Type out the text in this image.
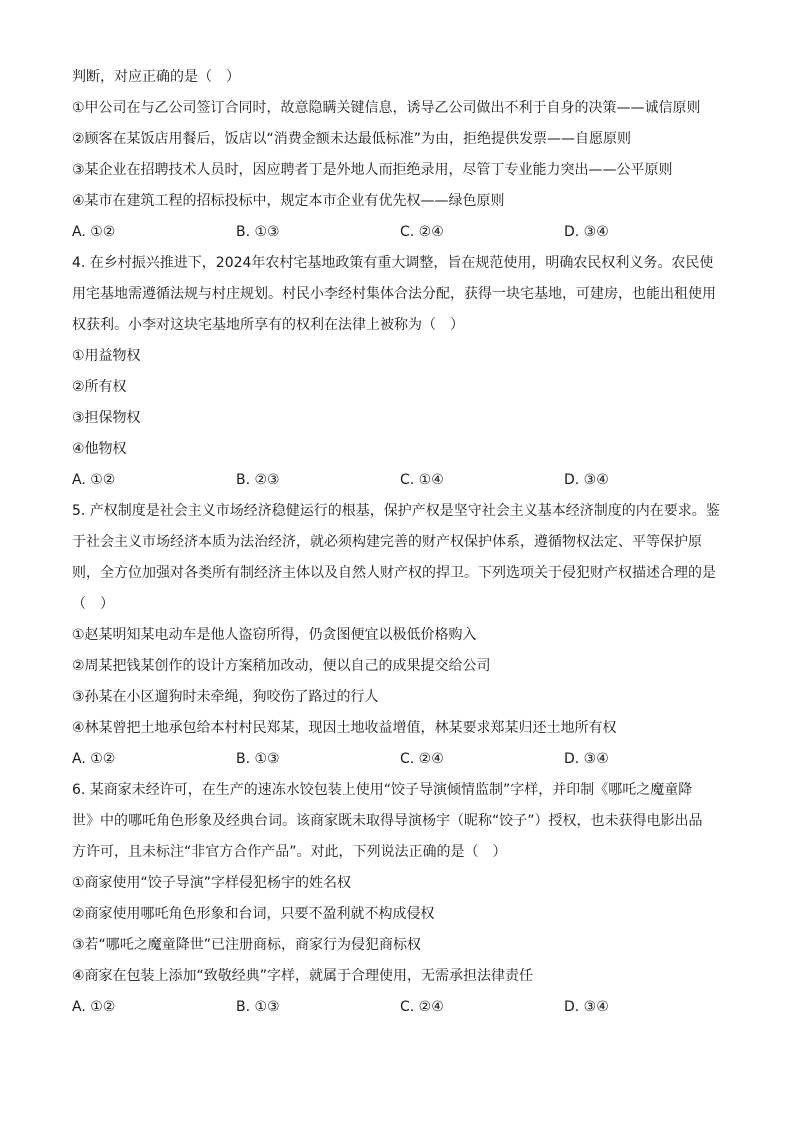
判断，对应正确的是（　）
①甲公司在与乙公司签订合同时，故意隐瞒关键信息，诱导乙公司做出不利于自身的决策——诚信原则
②顾客在某饭店用餐后，饭店以“消费金额未达最低标准”为由，拒绝提供发票——自愿原则
③某企业在招聘技术人员时，因应聘者丁是外地人而拒绝录用，尽管丁专业能力突出——公平原则
④某市在建筑工程的招标投标中，规定本市企业有优先权——绿色原则
A. ①②	B. ①③	C. ②④	D. ③④
4. 在乡村振兴推进下，2024年农村宅基地政策有重大调整，旨在规范使用，明确农民权利义务。农民使
用宅基地需遵循法规与村庄规划。村民小李经村集体合法分配，获得一块宅基地，可建房，也能出租使用
权获利。小李对这块宅基地所享有的权利在法律上被称为（　）
①用益物权
②所有权
③担保物权
④他物权
A. ①②	B. ②③	C. ①④	D. ③④
5. 产权制度是社会主义市场经济稳健运行的根基，保护产权是坚守社会主义基本经济制度的内在要求。鉴
于社会主义市场经济本质为法治经济，就必须构建完善的财产权保护体系，遵循物权法定、平等保护原
则，全方位加强对各类所有制经济主体以及自然人财产权的捍卫。下列选项关于侵犯财产权描述合理的是
（　）
①赵某明知某电动车是他人盗窃所得，仍贪图便宜以极低价格购入
②周某把钱某创作的设计方案稍加改动，便以自己的成果提交给公司
③孙某在小区遛狗时未牵绳，狗咬伤了路过的行人
④林某曾把土地承包给本村村民郑某，现因土地收益增值，林某要求郑某归还土地所有权
A. ①②	B. ①③	C. ②④	D. ③④
6. 某商家未经许可，在生产的速冻水饺包装上使用“饺子导演倾情监制”字样，并印制《哪吒之魔童降
世》中的哪吒角色形象及经典台词。该商家既未取得导演杨宇（昵称“饺子”）授权，也未获得电影出品
方许可，且未标注“非官方合作产品”。对此，下列说法正确的是（　）
①商家使用“饺子导演”字样侵犯杨宇的姓名权
②商家使用哪吒角色形象和台词，只要不盈利就不构成侵权
③若“哪吒之魔童降世”已注册商标，商家行为侵犯商标权
④商家在包装上添加“致敬经典”字样，就属于合理使用，无需承担法律责任
A. ①②	B. ①③	C. ②④	D. ③④
